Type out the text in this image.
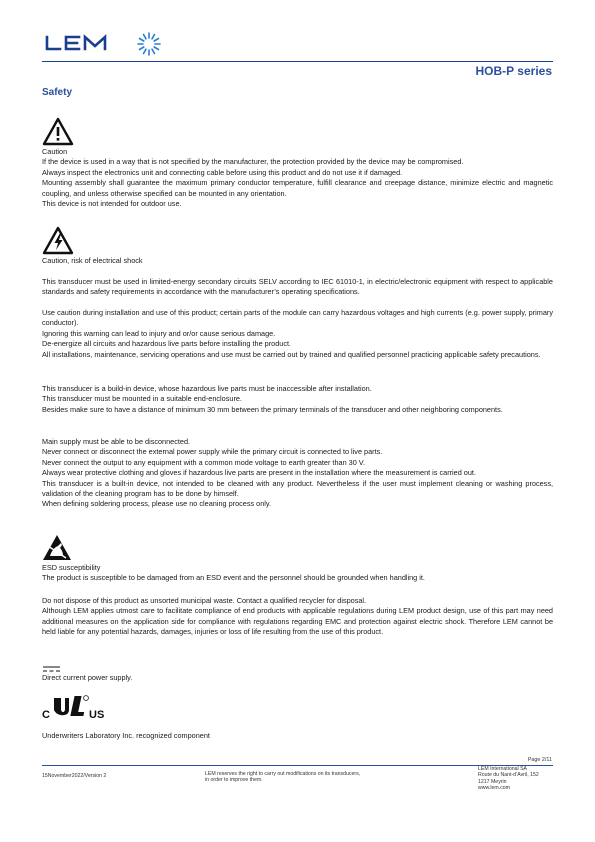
HOB-P series
Safety
Caution
If the device is used in a way that is not specified by the manufacturer, the protection provided by the device may be compromised.
Always inspect the electronics unit and connecting cable before using this product and do not use it if damaged.
Mounting assembly shall guarantee the maximum primary conductor temperature, fulfill clearance and creepage distance, minimize electric and magnetic coupling, and unless otherwise specified can be mounted in any orientation.
This device is not intended for outdoor use.
Caution, risk of electrical shock
This transducer must be used in limited-energy secondary circuits SELV according to IEC 61010-1, in electric/electronic equipment with respect to applicable standards and safety requirements in accordance with the manufacturer’s operating specifications.
Use caution during installation and use of this product; certain parts of the module can carry hazardous voltages and high currents (e.g. power supply, primary conductor).
Ignoring this warning can lead to injury and or/or cause serious damage.
De-energize all circuits and hazardous live parts before installing the product.
All installations, maintenance, servicing operations and use must be carried out by trained and qualified personnel practicing applicable safety precautions.
This transducer is a build-in device, whose hazardous live parts must be inaccessible after installation.
This transducer must be mounted in a suitable end-enclosure.
Besides make sure to have a distance of minimum 30 mm between the primary terminals of the transducer and other neighboring components.
Main supply must be able to be disconnected.
Never connect or disconnect the external power supply while the primary circuit is connected to live parts.
Never connect the output to any equipment with a common mode voltage to earth greater than 30 V.
Always wear protective clothing and gloves if hazardous live parts are present in the installation where the measurement is carried out.
This transducer is a built-in device, not intended to be cleaned with any product. Nevertheless if the user must implement cleaning or washing process, validation of the cleaning program has to be done by himself.
When defining soldering process, please use no cleaning process only.
ESD susceptibility
The product is susceptible to be damaged from an ESD event and the personnel should be grounded when handling it.
Do not dispose of this product as unsorted municipal waste. Contact a qualified recycler for disposal.
Although LEM applies utmost care to facilitate compliance of end products with applicable regulations during LEM product design, use of this part may need additional measures on the application side for compliance with regulations regarding EMC and protection against electric shock. Therefore LEM cannot be held liable for any potential hazards, damages, injuries or loss of life resulting from the use of this product.
Direct current power supply.
C	US
Underwriters Laboratory Inc. recognized component
Page 2/11
15November2022/Version 2	LEM reserves the right to carry out modifications on its transducers,
in order to improve them.
LEM International SA
Route du Nant-d’Avril, 152
1217 Meyrin
www.lem.com
